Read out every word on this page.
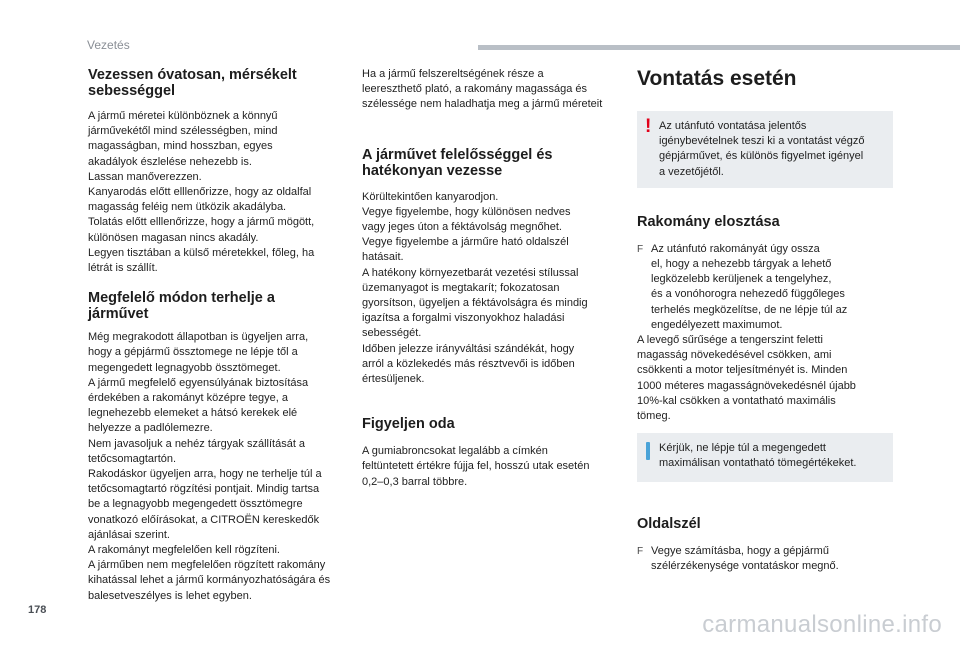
Vezetés
Vezessen óvatosan, mérsékelt sebességgel

A jármű méretei különböznek a könnyű
járművekétől mind szélességben, mind
magasságban, mind hosszban, egyes
akadályok észlelése nehezebb is.
Lassan manőverezzen.
Kanyarodás előtt elllenőrizze, hogy az oldalfal
magasság feléig nem ütközik akadályba.
Tolatás előtt elllenőrizze, hogy a jármű mögött,
különösen magasan nincs akadály.
Legyen tisztában a külső méretekkel, főleg, ha
létrát is szállít.

Megfelelő módon terhelje a járművet

Még megrakodott állapotban is ügyeljen arra,
hogy a gépjármű össztomege ne lépje től a
megengedett legnagyobb össztömeget.
A jármű megfelelő egyensúlyának biztosítása
érdekében a rakományt középre tegye, a
legnehezebb elemeket a hátsó kerekek elé
helyezze a padlólemezre.
Nem javasoljuk a nehéz tárgyak szállítását a
tetőcsomagtartón.
Rakodáskor ügyeljen arra, hogy ne terhelje túl a
tetőcsomagtartó rögzítési pontjait. Mindig tartsa
be a legnagyobb megengedett össztömegre
vonatkozó előírásokat, a CITROËN kereskedők
ajánlásai szerint.
A rakományt megfelelően kell rögzíteni.
A járműben nem megfelelően rögzített rakomány
kihatással lehet a jármű kormányozhatóságára és
balesetveszélyes is lehet egyben.

Ha a jármű felszereltségének része a
leereszthető plató, a rakomány magassága és
szélessége nem haladhatja meg a jármű méreteit

A járművet felelősséggel és hatékonyan vezesse

Körültekintően kanyarodjon.
Vegye figyelembe, hogy különösen nedves
vagy jeges úton a féktávolság megnőhet.
Vegye figyelembe a járműre ható oldalszél
hatásait.
A hatékony környezetbarát vezetési stílussal
üzemanyagot is megtakarít; fokozatosan
gyorsítson, ügyeljen a féktávolságra és mindig
igazítsa a forgalmi viszonyokhoz haladási
sebességét.
Időben jelezze irányváltási szándékát, hogy
arról a közlekedés más résztvevői is időben
értesüljenek.

Figyeljen oda

A gumiabroncsokat legalább a címkén
feltüntetett értékre fújja fel, hosszú utak esetén
0,2–0,3 barral többre.

Vontatás esetén
! Az utánfutó vontatása jelentős
igénybevételnek teszi ki a vontatást végző
gépjárművet, és különös figyelmet igényel
a vezetőjétől.

Rakomány elosztása
F Az utánfutó rakományát úgy ossza
el, hogy a nehezebb tárgyak a lehető
legközelebb kerüljenek a tengelyhez,
és a vonóhorogra nehezedő függőleges
terhelés megközelítse, de ne lépje túl az
engedélyezett maximumot.

A levegő sűrűsége a tengerszint feletti
magasság növekedésével csökken, ami
csökkenti a motor teljesítményét is. Minden
1000 méteres magasságnövekedésnél újabb
10%-kal csökken a vontatható maximális
tömeg.

Kérjük, ne lépje túl a megengedett
maximálisan vontatható tömegértékeket.

Oldalszél
F Vegye számításba, hogy a gépjármű
szélérzékenysége vontatáskor megnő.

178
carmanualsonline.info
